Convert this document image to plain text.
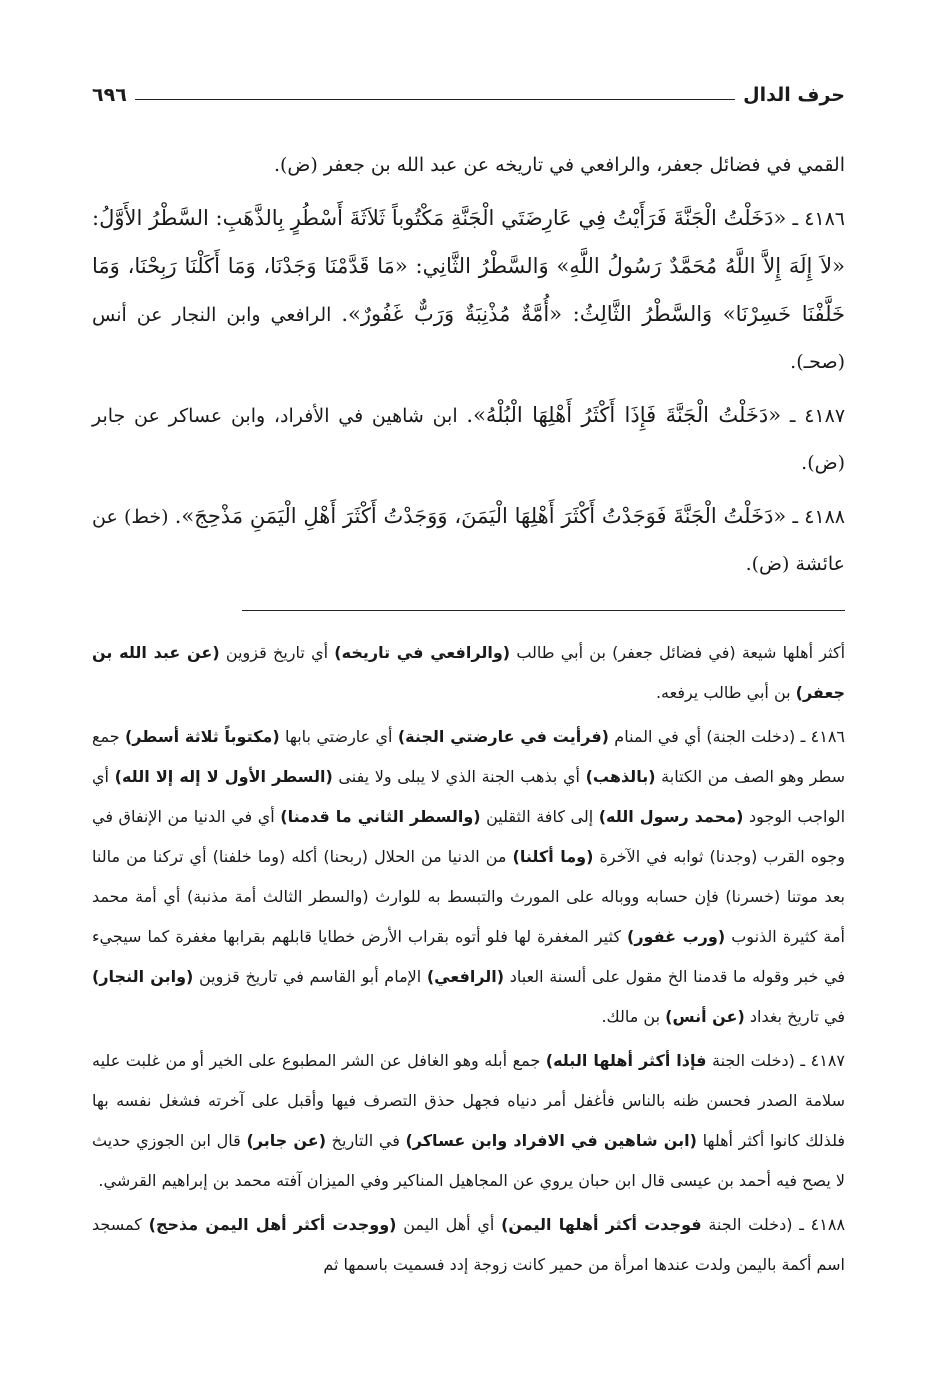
حرف الدال
٦٩٦

القمي في فضائل جعفر، والرافعي في تاريخه عن عبد الله بن جعفر (ض).

٤١٨٦ ـ «دَخَلْتُ الْجَنَّةَ فَرَأَيْتُ فِي عَارِضَتَي الْجَنَّةِ مَكْتُوباً ثَلاَثَةَ أَسْطُرٍ بِالذَّهَبِ: السَّطْرُ الأَوَّلُ: «لاَ إِلَهَ إِلاَّ اللَّهُ مُحَمَّدٌ رَسُولُ اللَّهِ» وَالسَّطْرُ الثَّانِي: «مَا قَدَّمْنَا وَجَدْنَا، وَمَا أَكَلْنَا رَبِحْنَا، وَمَا خَلَّفْنَا خَسِرْنَا» وَالسَّطْرُ الثَّالِثُ: «أُمَّةٌ مُذْنِبَةٌ وَرَبٌّ غَفُورٌ». الرافعي وابن النجار عن أنس (صحـ).

٤١٨٧ ـ «دَخَلْتُ الْجَنَّةَ فَإِذَا أَكْثَرُ أَهْلِهَا الْبُلْهُ». ابن شاهين في الأفراد، وابن عساكر عن جابر (ض).

٤١٨٨ ـ «دَخَلْتُ الْجَنَّةَ فَوَجَدْتُ أَكْثَرَ أَهْلِهَا الْيَمَنَ، وَوَجَدْتُ أَكْثَرَ أَهْلِ الْيَمَنِ مَذْحِجَ». (خط) عن عائشة (ض).

أكثر أهلها شيعة (في فضائل جعفر) بن أبي طالب (والرافعي في تاريخه) أي تاريخ قزوين (عن عبد الله بن جعفر) بن أبي طالب يرفعه.

٤١٨٦ ـ (دخلت الجنة) أي في المنام (فرأيت في عارضتي الجنة) أي عارضتي بابها (مكتوباً ثلاثة أسطر) جمع سطر وهو الصف من الكتابة (بالذهب) أي بذهب الجنة الذي لا يبلى ولا يفنى (السطر الأول لا إله إلا الله) أي الواجب الوجود (محمد رسول الله) إلى كافة الثقلين (والسطر الثاني ما قدمنا) أي في الدنيا من الإنفاق في وجوه القرب (وجدنا) ثوابه في الآخرة (وما أكلنا) من الدنيا من الحلال (ربحنا) أكله (وما خلفنا) أي تركنا من مالنا بعد موتنا (خسرنا) فإن حسابه ووباله على المورث والتبسط به للوارث (والسطر الثالث أمة مذنبة) أي أمة محمد أمة كثيرة الذنوب (ورب غفور) كثير المغفرة لها فلو أتوه بقراب الأرض خطايا قابلهم بقرابها مغفرة كما سيجيء في خبر وقوله ما قدمنا الخ مقول على ألسنة العباد (الرافعي) الإمام أبو القاسم في تاريخ قزوين (وابن النجار) في تاريخ بغداد (عن أنس) بن مالك.

٤١٨٧ ـ (دخلت الجنة فإذا أكثر أهلها البله) جمع أبله وهو الغافل عن الشر المطبوع على الخير أو من غلبت عليه سلامة الصدر فحسن ظنه بالناس فأغفل أمر دنياه فجهل حذق التصرف فيها وأقبل على آخرته فشغل نفسه بها فلذلك كانوا أكثر أهلها (ابن شاهين في الافراد وابن عساكر) في التاريخ (عن جابر) قال ابن الجوزي حديث لا يصح فيه أحمد بن عيسى قال ابن حبان يروي عن المجاهيل المناكير وفي الميزان آفته محمد بن إبراهيم القرشي.

٤١٨٨ ـ (دخلت الجنة فوجدت أكثر أهلها اليمن) أي أهل اليمن (ووجدت أكثر أهل اليمن مذحج) كمسجد اسم أكمة باليمن ولدت عندها امرأة من حمير كانت زوجة إدد فسميت باسمها ثم
